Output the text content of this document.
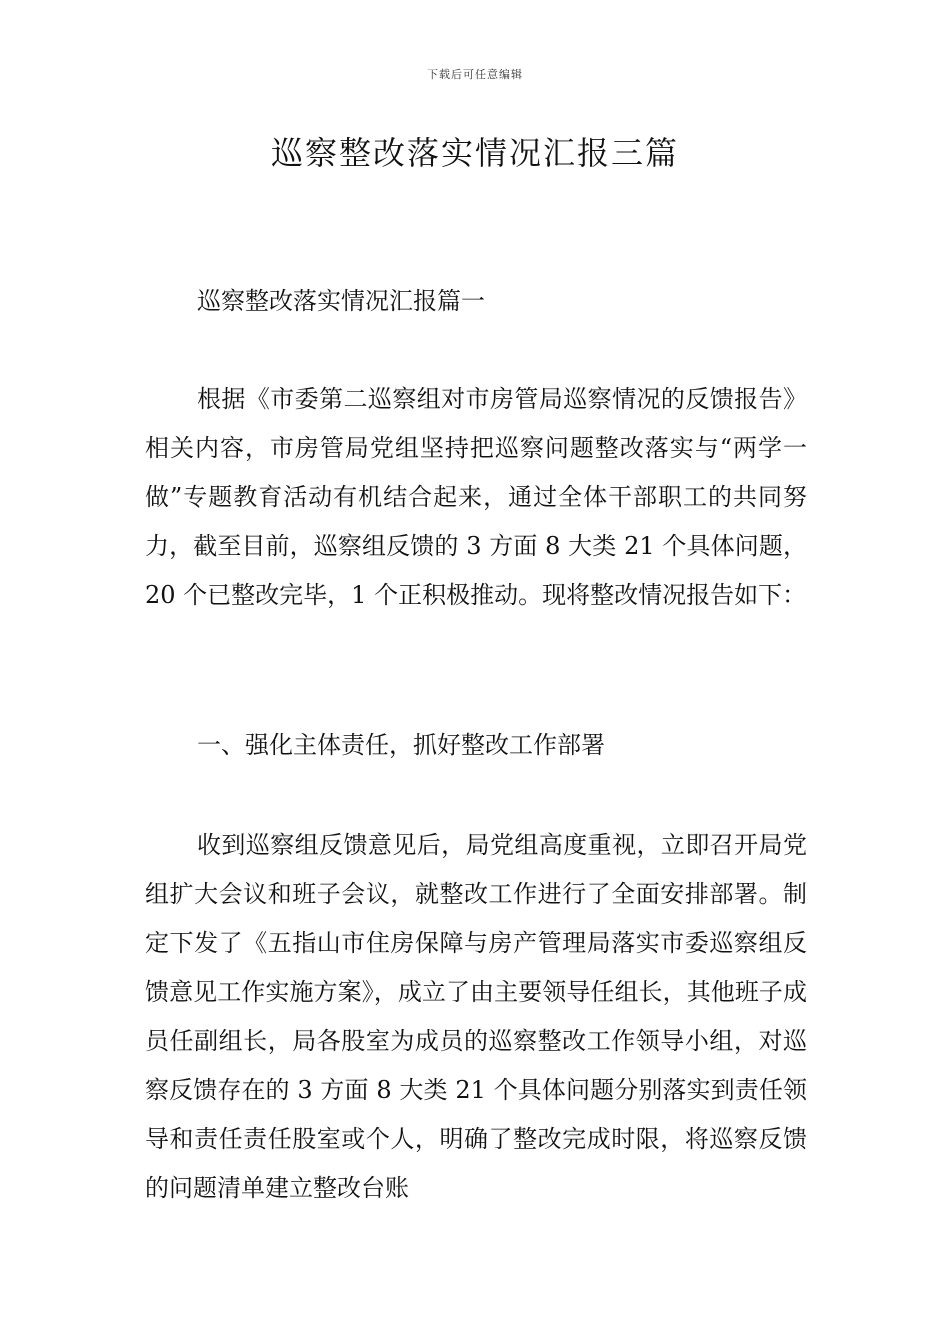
下载后可任意编辑
巡察整改落实情况汇报三篇

巡察整改落实情况汇报篇一

根据《市委第二巡察组对市房管局巡察情况的反馈报告》相关内容，市房管局党组坚持把巡察问题整改落实与“两学一做”专题教育活动有机结合起来，通过全体干部职工的共同努力，截至目前，巡察组反馈的 3 方面 8 大类 21 个具体问题，20 个已整改完毕，1 个正积极推动。现将整改情况报告如下：

一、强化主体责任，抓好整改工作部署

收到巡察组反馈意见后，局党组高度重视，立即召开局党组扩大会议和班子会议，就整改工作进行了全面安排部署。制定下发了《五指山市住房保障与房产管理局落实市委巡察组反馈意见工作实施方案》，成立了由主要领导任组长，其他班子成员任副组长，局各股室为成员的巡察整改工作领导小组，对巡察反馈存在的 3 方面 8 大类 21 个具体问题分别落实到责任领导和责任责任股室或个人，明确了整改完成时限，将巡察反馈的问题清单建立整改台账
